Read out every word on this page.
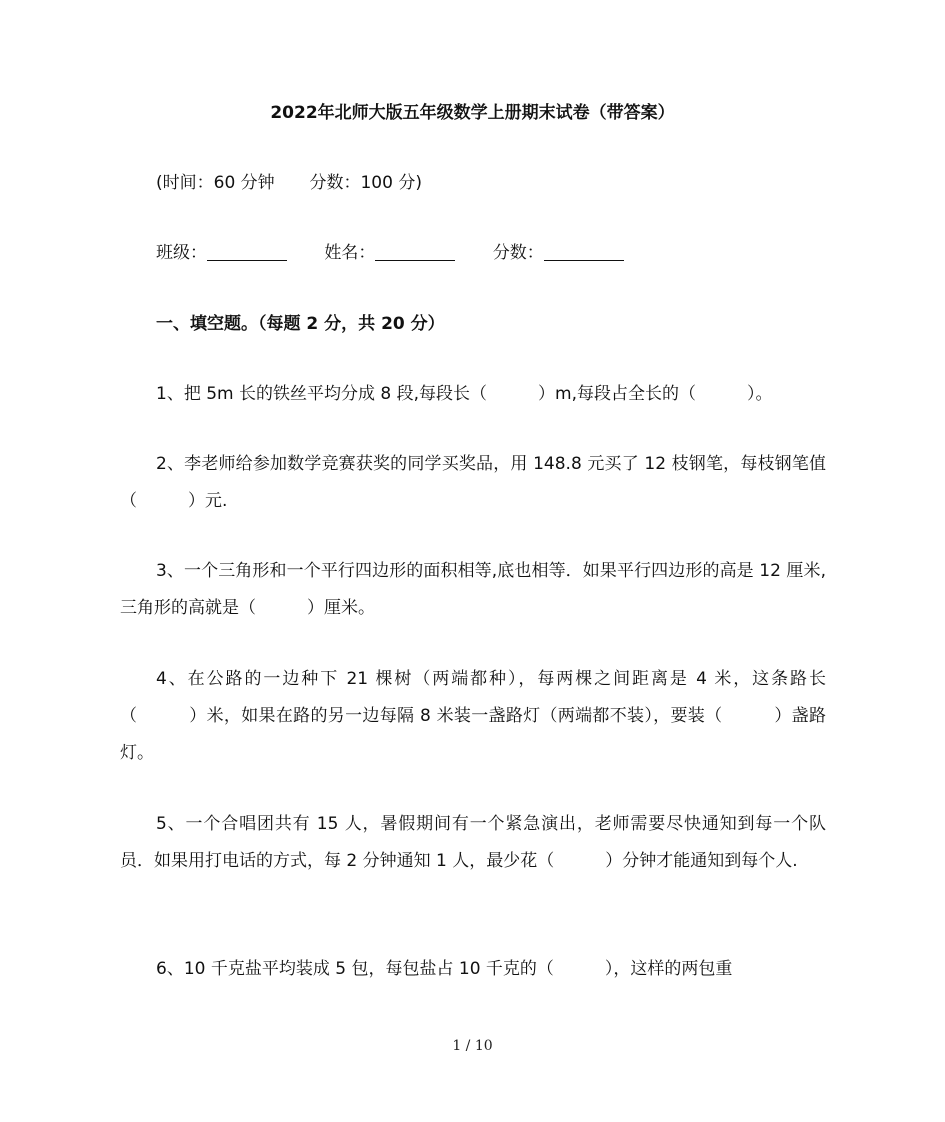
2022年北师大版五年级数学上册期末试卷（带答案）
(时间：60 分钟 分数：100 分)
班级：	姓名：	分数：
一、填空题。（每题 2 分，共 20 分）
1、把 5m 长的铁丝平均分成 8 段,每段长（　　　）m,每段占全长的（　　　）。
2、李老师给参加数学竞赛获奖的同学买奖品，用 148.8 元买了 12 枝钢笔，每枝钢笔值（　　　）元.
3、一个三角形和一个平行四边形的面积相等,底也相等．如果平行四边形的高是 12 厘米,三角形的高就是（　　　）厘米。
4、在公路的一边种下 21 棵树（两端都种），每两棵之间距离是 4 米，这条路长（　　　）米，如果在路的另一边每隔 8 米装一盏路灯（两端都不装），要装（　　　）盏路灯。
5、一个合唱团共有 15 人，暑假期间有一个紧急演出，老师需要尽快通知到每一个队员．如果用打电话的方式，每 2 分钟通知 1 人，最少花（　　　）分钟才能通知到每个人.
6、10 千克盐平均装成 5 包，每包盐占 10 千克的（　　　），这样的两包重
1 / 10
